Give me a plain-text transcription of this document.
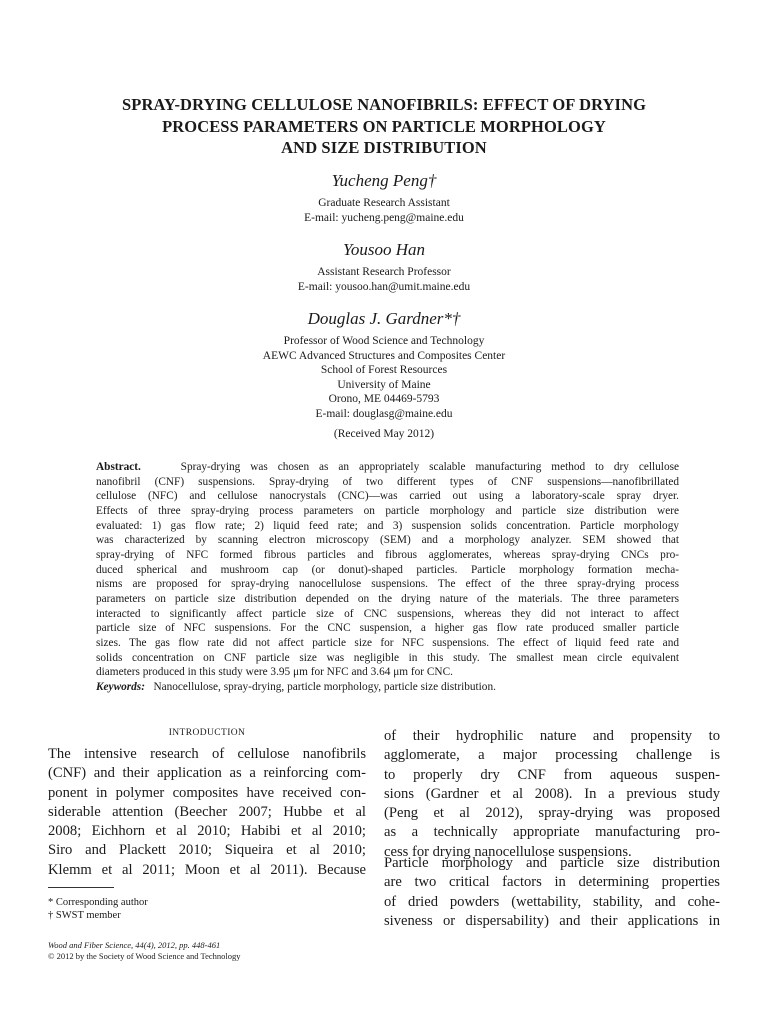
SPRAY-DRYING CELLULOSE NANOFIBRILS: EFFECT OF DRYING
PROCESS PARAMETERS ON PARTICLE MORPHOLOGY
AND SIZE DISTRIBUTION
Yucheng Peng†
Graduate Research Assistant
E-mail: yucheng.peng@maine.edu
Yousoo Han
Assistant Research Professor
E-mail: yousoo.han@umit.maine.edu
Douglas J. Gardner*†
Professor of Wood Science and Technology
AEWC Advanced Structures and Composites Center
School of Forest Resources
University of Maine
Orono, ME 04469-5793
E-mail: douglasg@maine.edu
(Received May 2012)
Abstract.	Spray-drying was chosen as an appropriately scalable manufacturing method to dry cellulose
nanofibril (CNF) suspensions. Spray-drying of two different types of CNF suspensions—nanofibrillated
cellulose (NFC) and cellulose nanocrystals (CNC)—was carried out using a laboratory-scale spray dryer.
Effects of three spray-drying process parameters on particle morphology and particle size distribution were
evaluated: 1) gas flow rate; 2) liquid feed rate; and 3) suspension solids concentration. Particle morphology
was characterized by scanning electron microscopy (SEM) and a morphology analyzer. SEM showed that
spray-drying of NFC formed fibrous particles and fibrous agglomerates, whereas spray-drying CNCs pro-
duced spherical and mushroom cap (or donut)-shaped particles. Particle morphology formation mecha-
nisms are proposed for spray-drying nanocellulose suspensions. The effect of the three spray-drying process
parameters on particle size distribution depended on the drying nature of the materials. The three parameters
interacted to significantly affect particle size of CNC suspensions, whereas they did not interact to affect
particle size of NFC suspensions. For the CNC suspension, a higher gas flow rate produced smaller particle
sizes. The gas flow rate did not affect particle size for NFC suspensions. The effect of liquid feed rate and
solids concentration on CNF particle size was negligible in this study. The smallest mean circle equivalent
diameters produced in this study were 3.95 μm for NFC and 3.64 μm for CNC.
Keywords: Nanocellulose, spray-drying, particle morphology, particle size distribution.
INTRODUCTION
The intensive research of cellulose nanofibrils
(CNF) and their application as a reinforcing com-
ponent in polymer composites have received con-
siderable attention (Beecher 2007; Hubbe et al
2008; Eichhorn et al 2010; Habibi et al 2010;
Siro and Plackett 2010; Siqueira et al 2010;
Klemm et al 2011; Moon et al 2011). Because
of their hydrophilic nature and propensity to
agglomerate, a major processing challenge is
to properly dry CNF from aqueous suspen-
sions (Gardner et al 2008). In a previous study
(Peng et al 2012), spray-drying was proposed
as a technically appropriate manufacturing pro-
cess for drying nanocellulose suspensions.
Particle morphology and particle size distribution
are two critical factors in determining properties
of dried powders (wettability, stability, and cohe-
siveness or dispersability) and their applications in
* Corresponding author
† SWST member
Wood and Fiber Science, 44(4), 2012, pp. 448-461
© 2012 by the Society of Wood Science and Technology
